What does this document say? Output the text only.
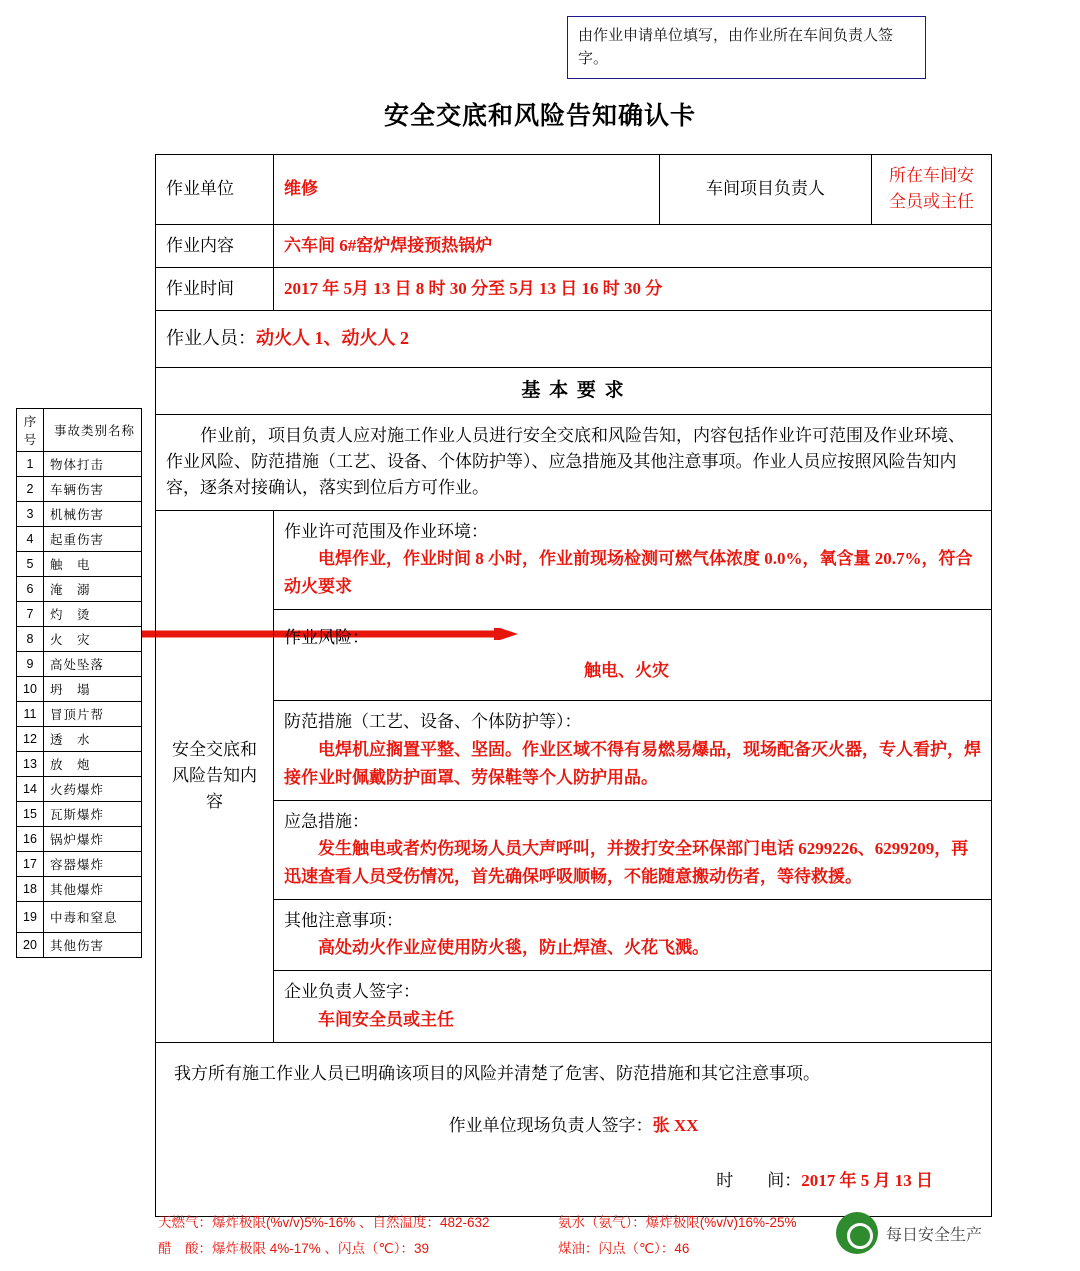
由作业申请单位填写，由作业所在车间负责人签字。
安全交底和风险告知确认卡
序号	事故类别名称
1	物体打击
2	车辆伤害
3	机械伤害
4	起重伤害
5	触　电
6	淹　溺
7	灼　烫
8	火　灾
9	高处坠落
10	坍　塌
11	冒顶片帮
12	透　水
13	放　炮
14	火药爆炸
15	瓦斯爆炸
16	锅炉爆炸
17	容器爆炸
18	其他爆炸
19	中毒和窒息
20	其他伤害
作业单位	维修	车间项目负责人	所在车间安全员或主任
作业内容	六车间 6#窑炉焊接预热锅炉		
作业时间	2017 年 5月 13 日 8 时 30 分至 5月 13 日 16 时 30 分		
作业人员：动火人 1、动火人 2			
基 本 要 求			
作业前，项目负责人应对施工作业人员进行安全交底和风险告知，内容包括作业许可范围及作业环境、作业风险、防范措施（工艺、设备、个体防护等）、应急措施及其他注意事项。作业人员应按照风险告知内容，逐条对接确认，落实到位后方可作业。			

安全交底和风险告知内容	作业许可范围及作业环境：
电焊作业，作业时间 8 小时，作业前现场检测可燃气体浓度 0.0%，氧含量 20.7%，符合动火要求		

	作业风险：
触电、火灾		

	防范措施（工艺、设备、个体防护等）：
电焊机应搁置平整、坚固。作业区域不得有易燃易爆品，现场配备灭火器，专人看护，焊接作业时佩戴防护面罩、劳保鞋等个人防护用品。		

	应急措施：
发生触电或者灼伤现场人员大声呼叫，并拨打安全环保部门电话 6299226、6299209，再迅速查看人员受伤情况，首先确保呼吸顺畅，不能随意搬动伤者，等待救援。		

	其他注意事项：
高处动火作业应使用防火毯，防止焊渣、火花飞溅。		

	企业负责人签字：
车间安全员或主任		

我方所有施工作业人员已明确该项目的风险并清楚了危害、防范措施和其它注意事项。
作业单位现场负责人签字：张 XX
时　　间：2017 年 5 月 13 日			
天燃气：爆炸极限(%v/v)5%-16% 、自然温度：482-632	氨水（氨气）：爆炸极限(%v/v)16%-25%
醋　酸：爆炸极限 4%-17% 、闪点（℃）：39	煤油：闪点（℃）：46
每日安全生产
